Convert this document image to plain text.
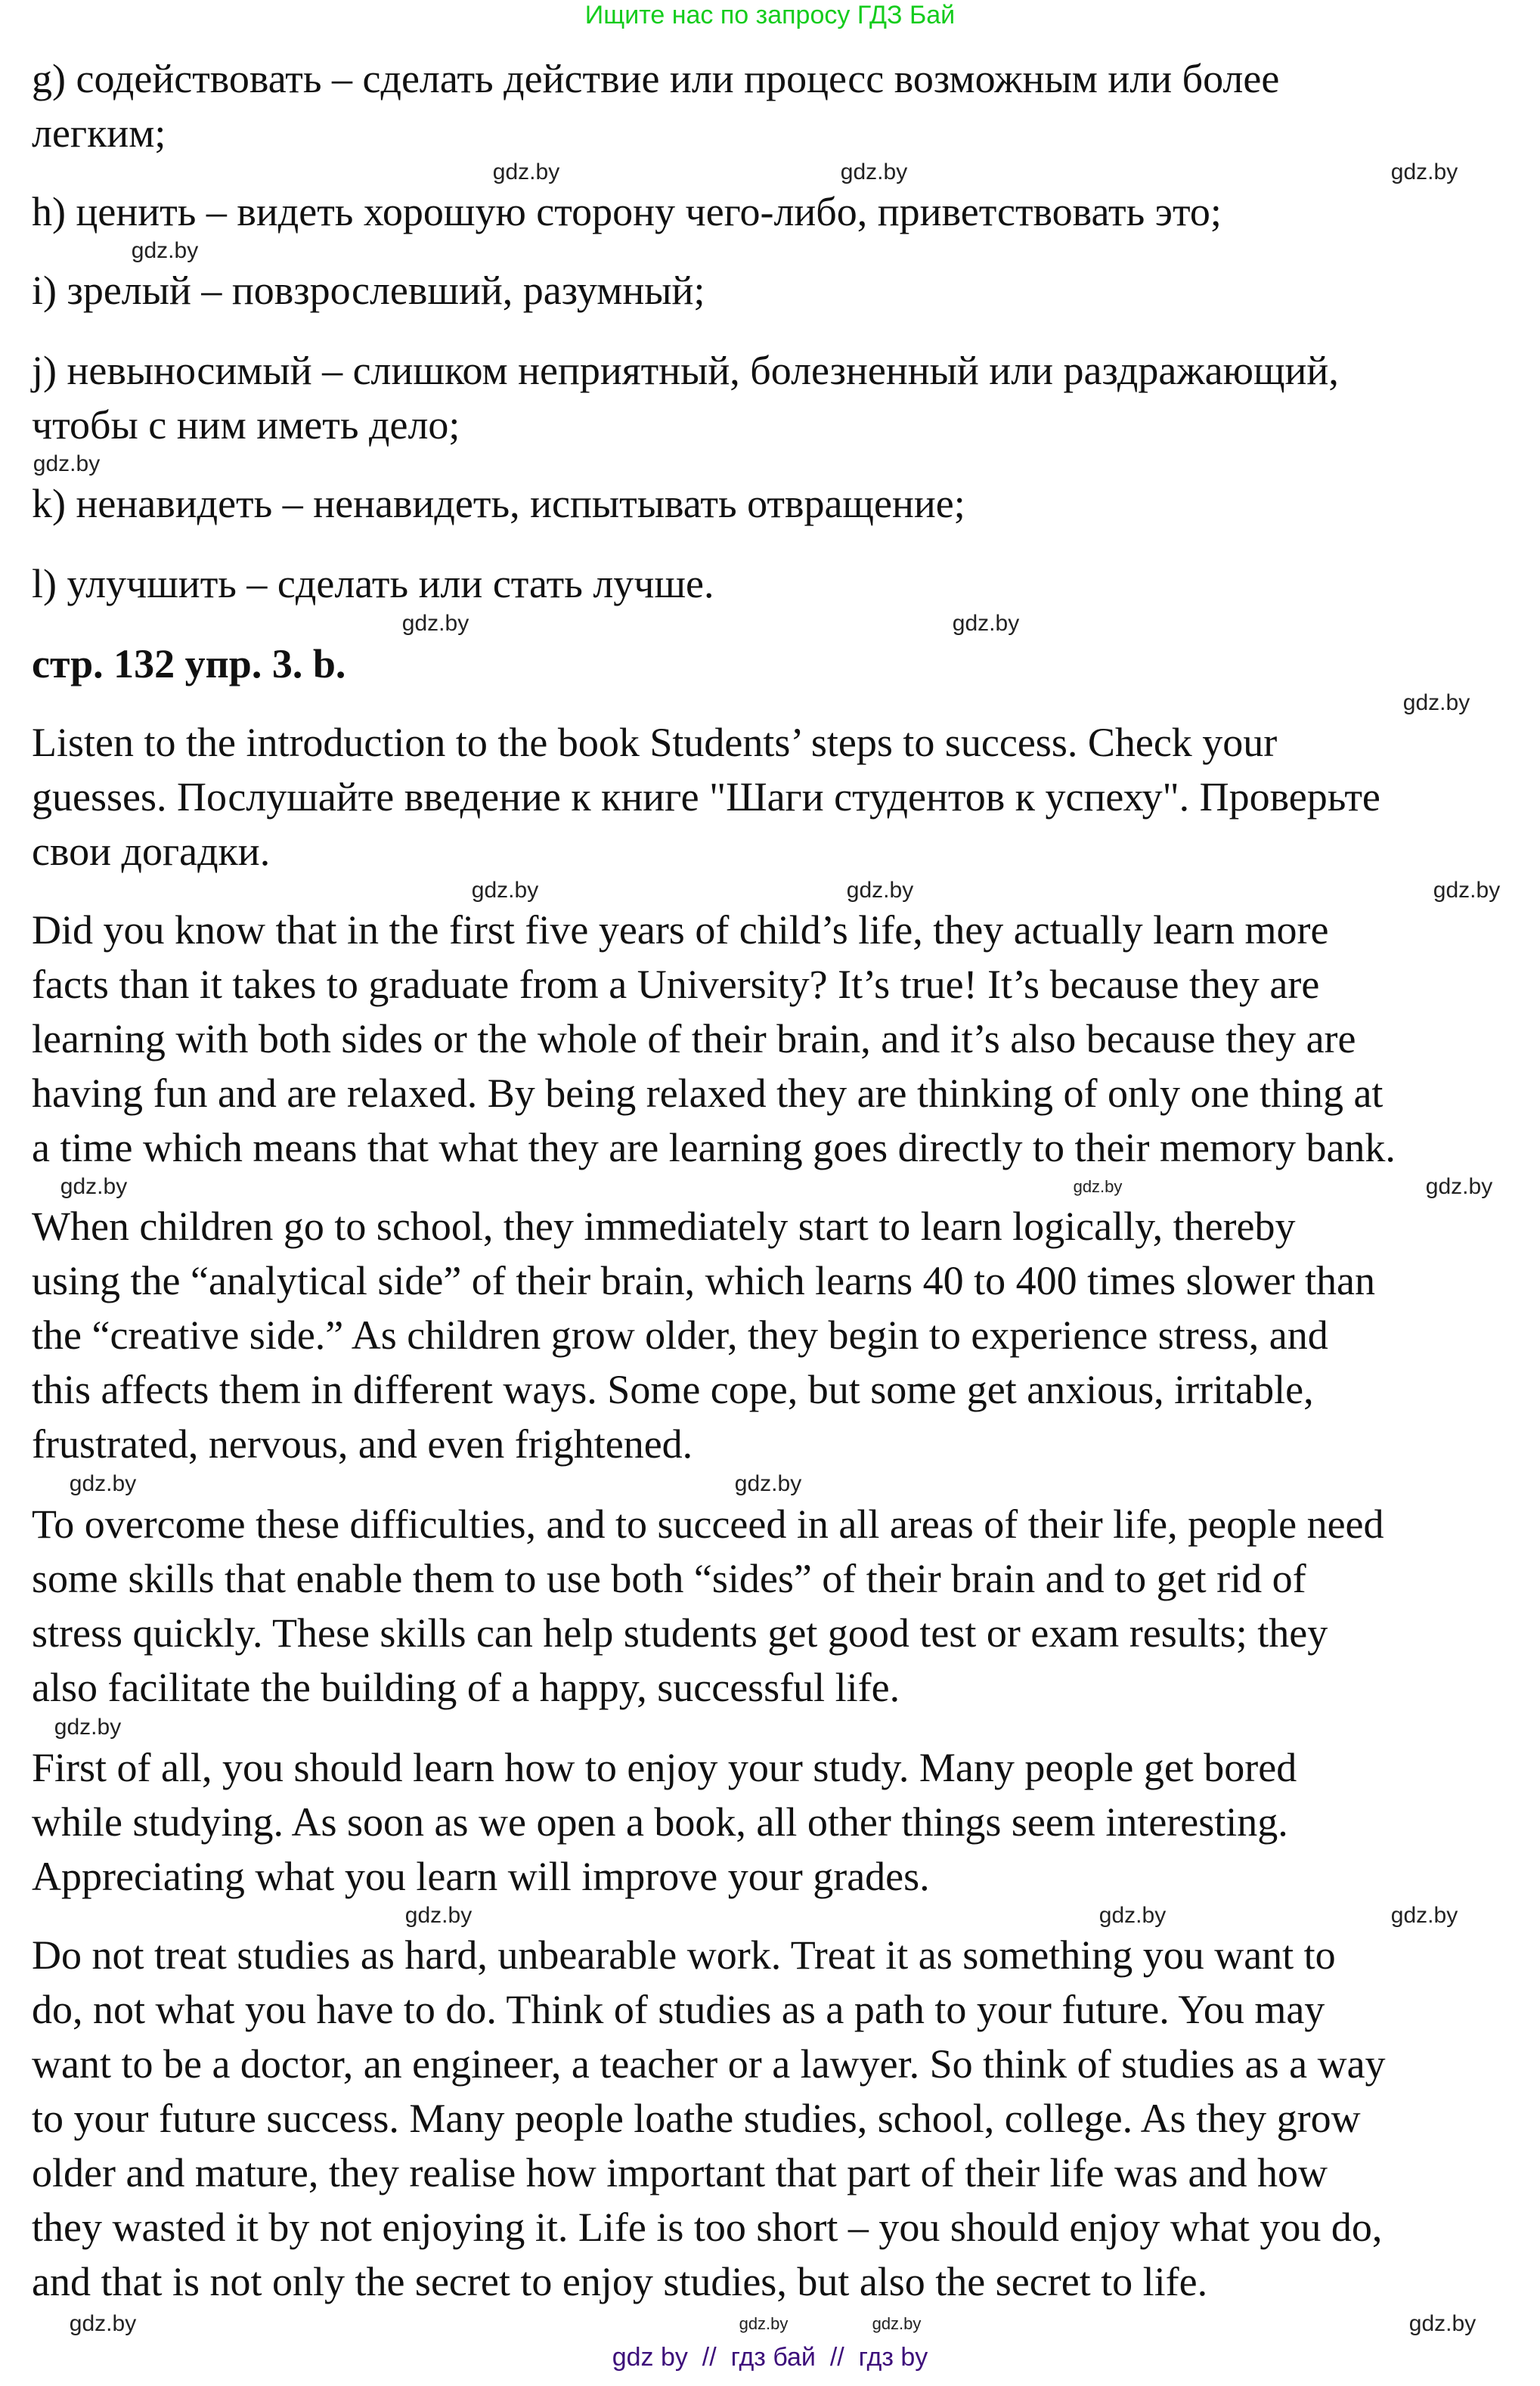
Ищите нас по запросу ГДЗ Бай
g) содействовать – сделать действие или процесс возможным или более
легким;
h) ценить – видеть хорошую сторону чего-либо, приветствовать это;
i) зрелый – повзрослевший, разумный;
j) невыносимый – слишком неприятный, болезненный или раздражающий,
чтобы с ним иметь дело;
k) ненавидеть – ненавидеть, испытывать отвращение;
l) улучшить – сделать или стать лучше.
стр. 132 упр. 3. b.
Listen to the introduction to the book Students’ steps to success. Check your
guesses. Послушайте введение к книге "Шаги студентов к успеху". Проверьте
свои догадки.
Did you know that in the first five years of child’s life, they actually learn more
facts than it takes to graduate from a University? It’s true! It’s because they are
learning with both sides or the whole of their brain, and it’s also because they are
having fun and are relaxed. By being relaxed they are thinking of only one thing at
a time which means that what they are learning goes directly to their memory bank.
When children go to school, they immediately start to learn logically, thereby
using the “analytical side” of their brain, which learns 40 to 400 times slower than
the “creative side.” As children grow older, they begin to experience stress, and
this affects them in different ways. Some cope, but some get anxious, irritable,
frustrated, nervous, and even frightened.
To overcome these difficulties, and to succeed in all areas of their life, people need
some skills that enable them to use both “sides” of their brain and to get rid of
stress quickly. These skills can help students get good test or exam results; they
also facilitate the building of a happy, successful life.
First of all, you should learn how to enjoy your study. Many people get bored
while studying. As soon as we open a book, all other things seem interesting.
Appreciating what you learn will improve your grades.
Do not treat studies as hard, unbearable work. Treat it as something you want to
do, not what you have to do. Think of studies as a path to your future. You may
want to be a doctor, an engineer, a teacher or a lawyer. So think of studies as a way
to your future success. Many people loathe studies, school, college. As they grow
older and mature, they realise how important that part of their life was and how
they wasted it by not enjoying it. Life is too short – you should enjoy what you do,
and that is not only the secret to enjoy studies, but also the secret to life.
gdz.by
gdz.by	gdz.by
gdz.by
gdz.by
gdz.by
gdz.by
gdz.by
gdz.by
gdz.by	gdz.by
gdz.by	gdz.by
gdz.by
gdz.by
gdz.by
gdz.by
gdz.by
gdz.by
gdz.by
gdz.by
gdz.by	gdz.by
gdz.by
gdz by  //  гдз бай  //  гдз by
